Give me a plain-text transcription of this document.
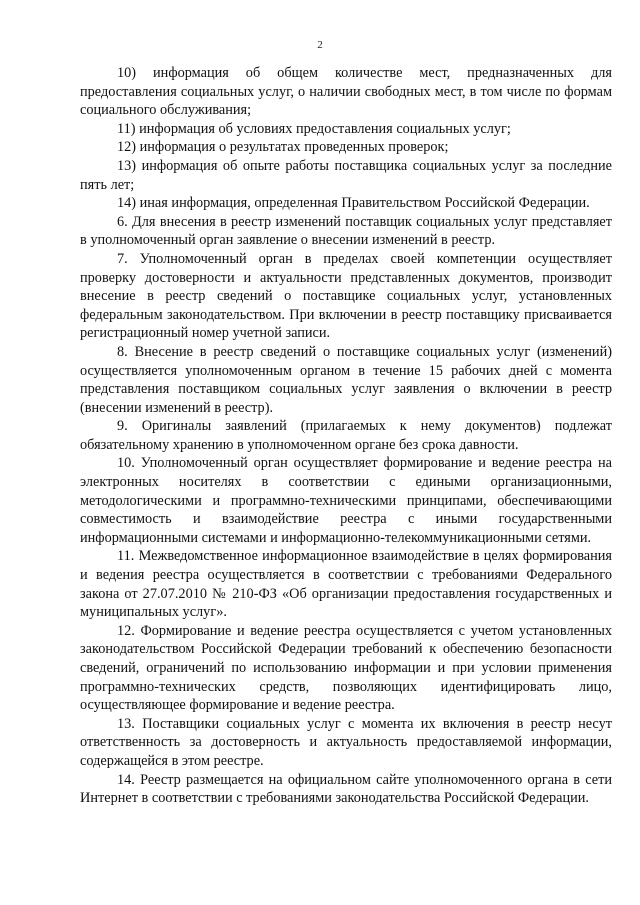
2

10) информация об общем количестве мест, предназначенных для предоставления социальных услуг, о наличии свободных мест, в том числе по формам социального обслуживания;

11) информация об условиях предоставления социальных услуг;

12) информация о результатах проведенных проверок;

13) информация об опыте работы поставщика социальных услуг за последние пять лет;

14) иная информация, определенная Правительством Российской Федерации.

6. Для внесения в реестр изменений поставщик социальных услуг представляет в уполномоченный орган заявление о внесении изменений в реестр.

7. Уполномоченный орган в пределах своей компетенции осуществляет проверку достоверности и актуальности представленных документов, производит внесение в реестр сведений о поставщике социальных услуг, установленных федеральным законодательством. При включении в реестр поставщику присваивается регистрационный номер учетной записи.

8. Внесение в реестр сведений о поставщике социальных услуг (изменений) осуществляется уполномоченным органом в течение 15 рабочих дней с момента представления поставщиком социальных услуг заявления о включении в реестр (внесении изменений в реестр).

9. Оригиналы заявлений (прилагаемых к нему документов) подлежат обязательному хранению в уполномоченном органе без срока давности.

10. Уполномоченный орган осуществляет формирование и ведение реестра на электронных носителях в соответствии с едиными организационными, методологическими и программно-техническими принципами, обеспечивающими совместимость и взаимодействие реестра с иными государственными информационными системами и информационно-телекоммуникационными сетями.

11. Межведомственное информационное взаимодействие в целях формирования и ведения реестра осуществляется в соответствии с требованиями Федерального закона от 27.07.2010 № 210-ФЗ «Об организации предоставления государственных и муниципальных услуг».

12. Формирование и ведение реестра осуществляется с учетом установленных законодательством Российской Федерации требований к обеспечению безопасности сведений, ограничений по использованию информации и при условии применения программно-технических средств, позволяющих идентифицировать лицо, осуществляющее формирование и ведение реестра.

13. Поставщики социальных услуг с момента их включения в реестр несут ответственность за достоверность и актуальность предоставляемой информации, содержащейся в этом реестре.

14. Реестр размещается на официальном сайте уполномоченного органа в сети Интернет в соответствии с требованиями законодательства Российской Федерации.
